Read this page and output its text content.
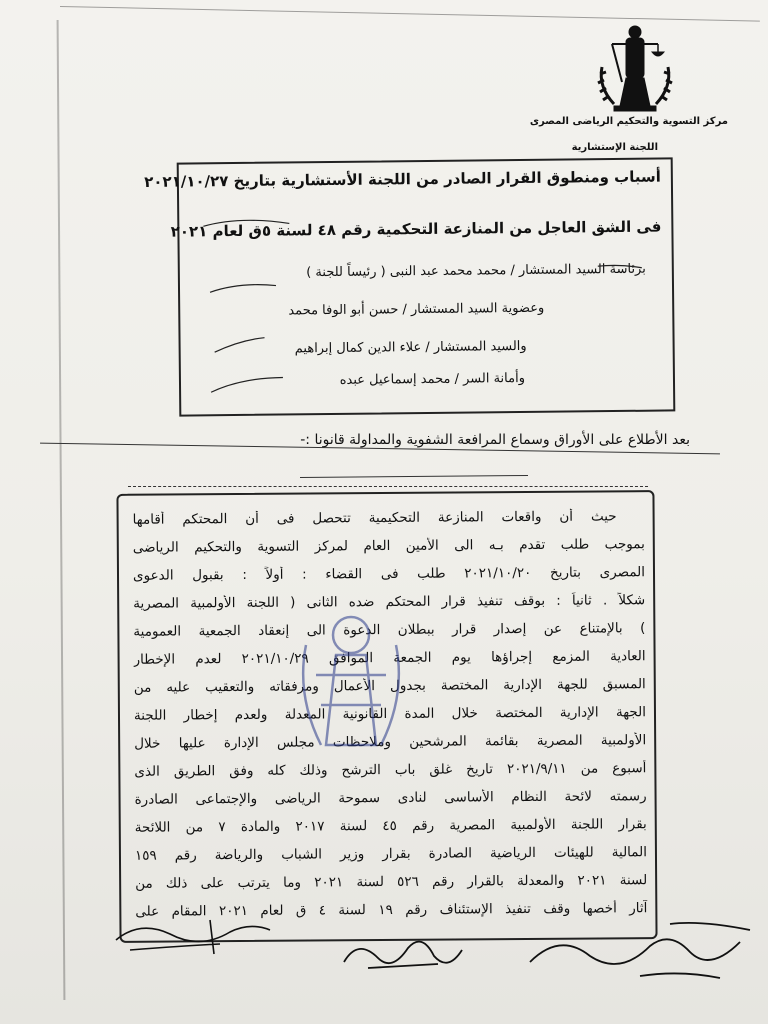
مركز التسوية والتحكيم الرياضى المصرى
اللجنة الإستشارية
أسباب ومنطوق القرار الصادر من اللجنة الأستشارية بتاريخ ٢٠٢١/١٠/٢٧
فى الشق العاجل من المنازعة التحكمية رقم ٤٨ لسنة ٥ق لعام ٢٠٢١
برئاسة السيد المستشار / محمد محمد عبد النبى ( رئيساً للجنة )
وعضوية السيد المستشار / حسن أبو الوفا محمد
والسيد المستشار / علاء الدين كمال إبراهيم
وأمانة السر / محمد إسماعيل عبده
بعد الأطلاع على الأوراق وسماع المرافعة الشفوية والمداولة قانونا :-
حيث أن واقعات المنازعة التحكيمية تتحصل فى أن المحتكم أقامها
بموجب طلب تقدم بـه الى الأمين العام لمركز التسوية والتحكيم الرياضى
المصرى بتاريخ ٢٠٢١/١٠/٢٠ طلب فى القضاء : أولاً : بقبول الدعوى
شكلاً . ثانياً : بوقف تنفيذ قرار المحتكم ضده الثانى ( اللجنة الأولمبية المصرية
) بالإمتناع عن إصدار قرار ببطلان الدعوة الى إنعقاد الجمعية العمومية
العادية المزمع إجراؤها يوم الجمعة الموافق ٢٠٢١/١٠/٢٩ لعدم الإخطار
المسبق للجهة الإدارية المختصة بجدول الأعمال ومرفقاته والتعقيب عليه من
الجهة الإدارية المختصة خلال المدة القانونية المعدلة ولعدم إخطار اللجنة
الأولمبية المصرية بقائمة المرشحين وملاحظات مجلس الإدارة عليها خلال
أسبوع من ٢٠٢١/٩/١١ تاريخ غلق باب الترشح وذلك كله وفق الطريق الذى
رسمته لائحة النظام الأساسى لنادى سموحة الرياضى والإجتماعى الصادرة
بقرار اللجنة الأولمبية المصرية رقم ٤٥ لسنة ٢٠١٧ والمادة ٧ من اللائحة
المالية للهيئات الرياضية الصادرة بقرار وزير الشباب والرياضة رقم ١٥٩
لسنة ٢٠٢١ والمعدلة بالقرار رقم ٥٢٦ لسنة ٢٠٢١ وما يترتب على ذلك من
آثار أخصها وقف تنفيذ الإستئناف رقم ١٩ لسنة ٤ ق لعام ٢٠٢١ المقام على
